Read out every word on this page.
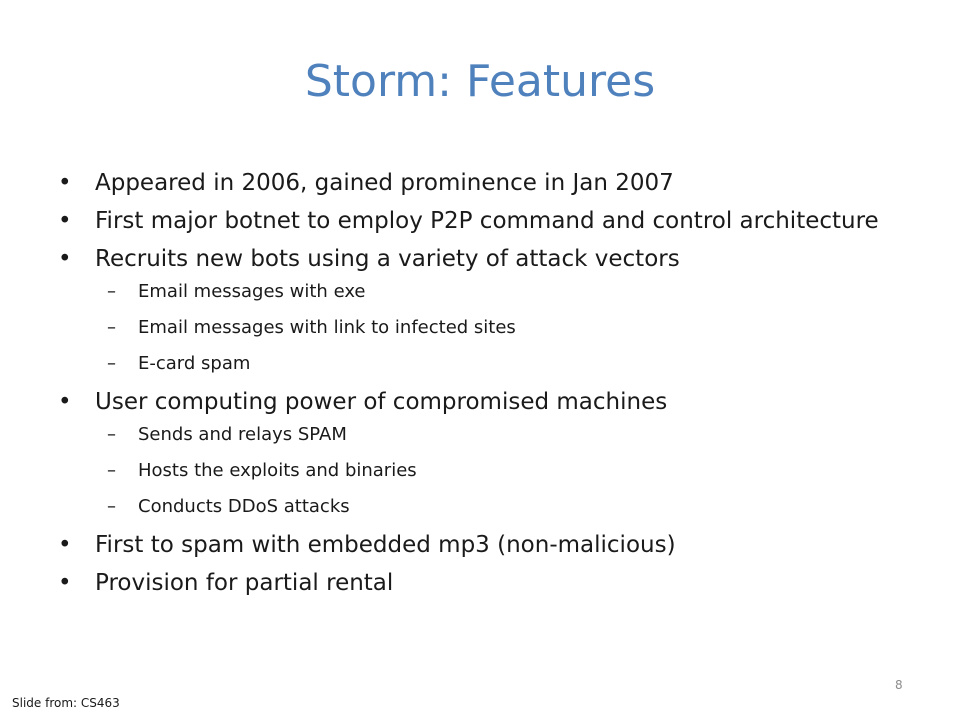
Storm: Features
• Appeared in 2006, gained prominence in Jan 2007
• First major botnet to employ P2P command and control architecture
• Recruits new bots using a variety of attack vectors
– Email messages with exe
– Email messages with link to infected sites
– E-card spam
• User computing power of compromised machines
– Sends and relays SPAM
– Hosts the exploits and binaries
– Conducts DDoS attacks
• First to spam with embedded mp3 (non-malicious)
• Provision for partial rental
8
Slide from: CS463
